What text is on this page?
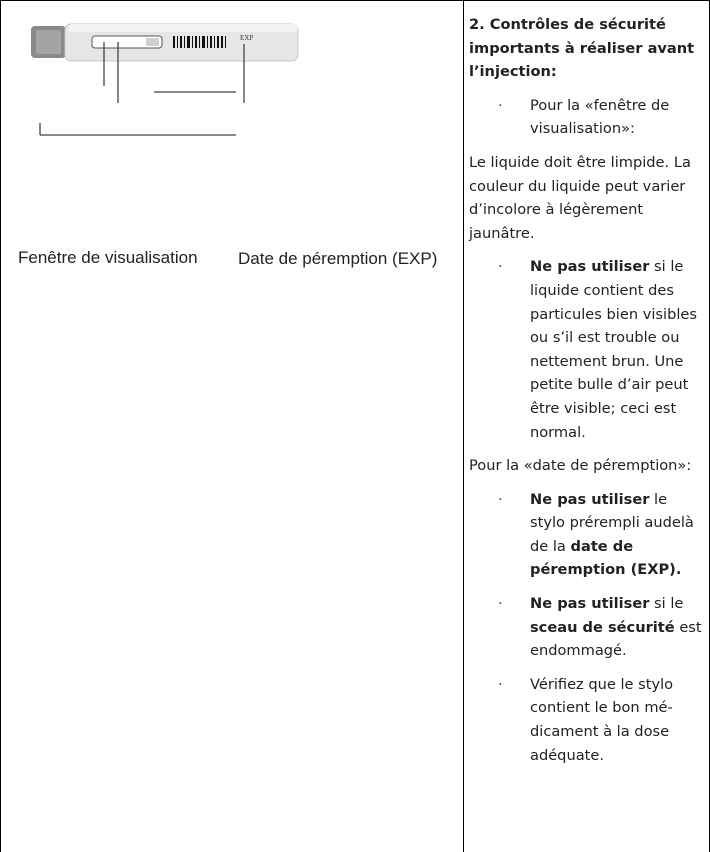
EXP
Fenêtre de visualisation Date de péremption (EXP)

2. Contrôles de sécurité importants à réaliser avant l’injection:

· Pour la «fenêtre de visualisation»:

Le liquide doit être limpide. La couleur du liquide peut varier d’incolore à légèrement jaunâtre.

· Ne pas utiliser si le liquide contient des particules bien visibles ou s’il est trouble ou nettement brun. Une petite bulle d’air peut être visible; ceci est normal.

Pour la «date de péremption»:

· Ne pas utiliser le stylo prérempli audelà de la date de péremption (EXP).
· Ne pas utiliser si le sceau de sécurité est endommagé.
· Vérifiez que le stylo contient le bon médicament à la dose adéquate.
